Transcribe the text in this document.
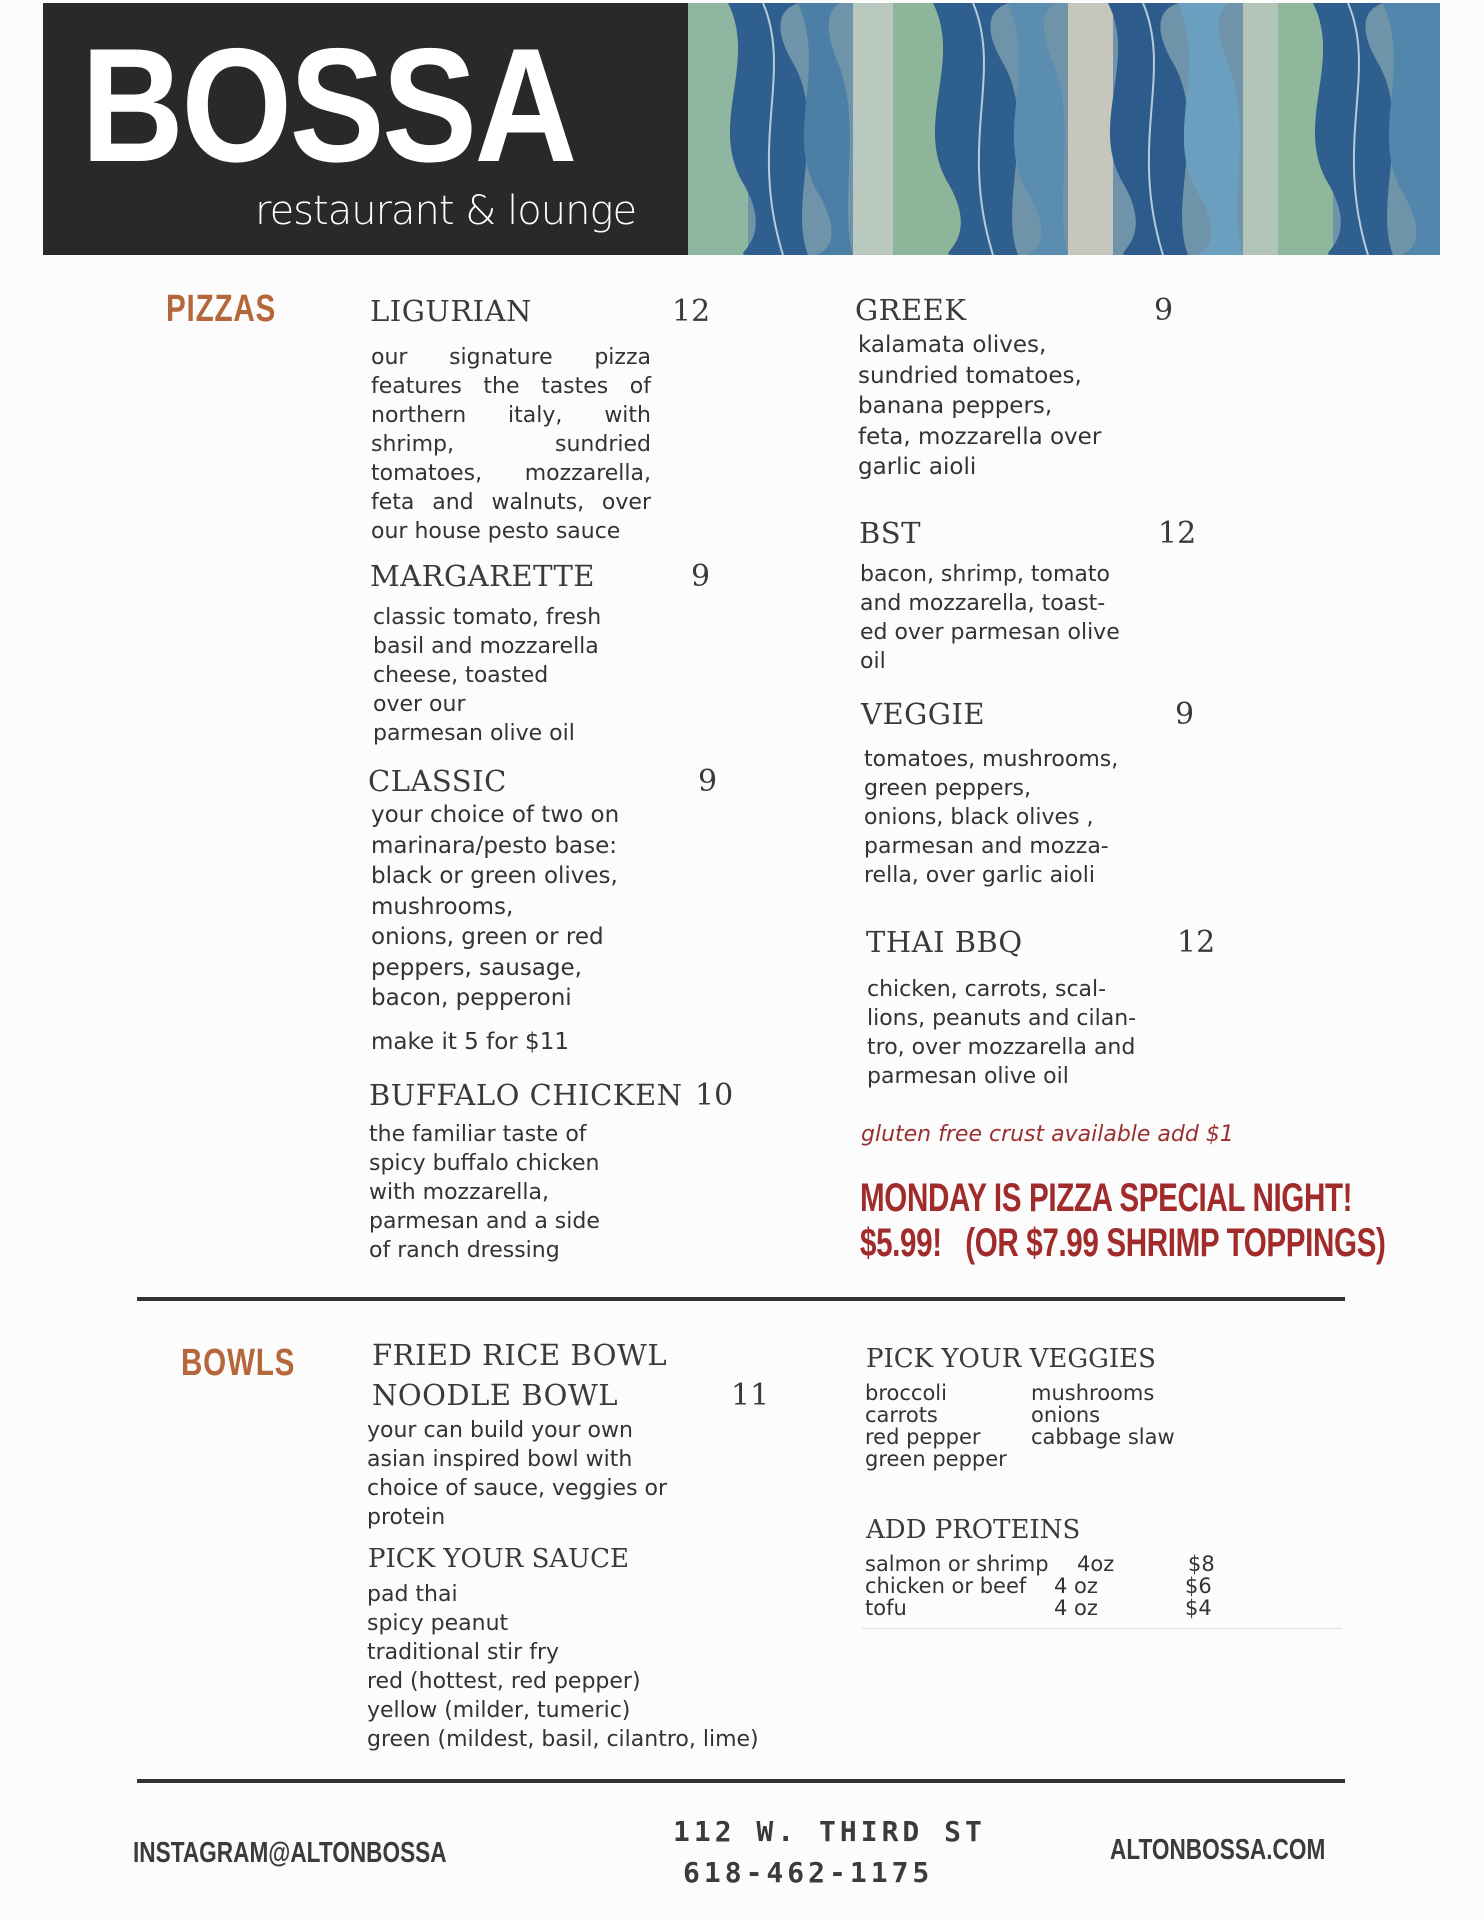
BOSSA
restaurant & lounge
PIZZAS	LIGURIAN	12
our signature pizza features the tastes of northern italy, with shrimp, sundried tomatoes, mozzarella, feta and walnuts, over our house pesto sauce
MARGARETTE	9
classic tomato, fresh
basil and mozzarella
cheese, toasted
over our
parmesan olive oil
CLASSIC	9
your choice of two on
marinara/pesto base:
black or green olives,
mushrooms,
onions, green or red
peppers, sausage,
bacon, pepperoni
make it 5 for $11
BUFFALO CHICKEN 10
the familiar taste of
spicy buffalo chicken
with mozzarella,
parmesan and a side
of ranch dressing
GREEK	9
kalamata olives,
sundried tomatoes,
banana peppers,
feta, mozzarella over
garlic aioli
BST	12
bacon, shrimp, tomato
and mozzarella, toast-
ed over parmesan olive
oil
VEGGIE	9
tomatoes, mushrooms,
green peppers,
onions, black olives ,
parmesan and mozza-
rella, over garlic aioli
THAI BBQ	12
chicken, carrots, scal-
lions, peanuts and cilan-
tro, over mozzarella and
parmesan olive oil
gluten free crust available add $1
MONDAY IS PIZZA SPECIAL NIGHT!
$5.99!   (OR $7.99 SHRIMP TOPPINGS)
BOWLS	FRIED RICE BOWL
NOODLE BOWL	11
your can build your own
asian inspired bowl with
choice of sauce, veggies or
protein
PICK YOUR SAUCE
pad thai
spicy peanut
traditional stir fry
red (hottest, red pepper)
yellow (milder, tumeric)
green (mildest, basil, cilantro, lime)
PICK YOUR VEGGIES
broccoli
carrots
red pepper
green pepper
mushrooms
onions
cabbage slaw
ADD PROTEINS
salmon or shrimp 4oz	$8
chicken or beef 4 oz	$6
tofu	4 oz	$4
INSTAGRAM@ALTONBOSSA
112 W. THIRD ST
618-462-1175
ALTONBOSSA.COM
